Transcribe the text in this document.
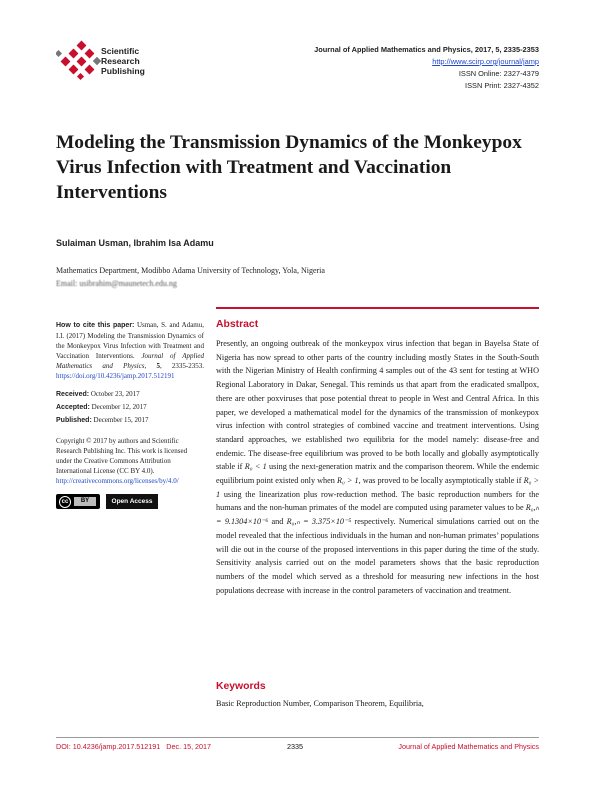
Scientific
Research
Publishing
Journal of Applied Mathematics and Physics, 2017, 5, 2335-2353
http://www.scirp.org/journal/jamp
ISSN Online: 2327-4379
ISSN Print: 2327-4352
Modeling the Transmission Dynamics of the Monkeypox Virus Infection with Treatment and Vaccination Interventions
Sulaiman Usman, Ibrahim Isa Adamu
Mathematics Department, Modibbo Adama University of Technology, Yola, Nigeria
Email: usibrahim@maunetech.edu.ng

How to cite this paper: Usman, S. and Adamu, I.I. (2017) Modeling the Transmission Dynamics of the Monkeypox Virus Infection with Treatment and Vaccination Interventions. Journal of Applied Mathematics and Physics, 5, 2335-2353. https://doi.org/10.4236/jamp.2017.512191

Received: October 23, 2017

Accepted: December 12, 2017

Published: December 15, 2017

Copyright © 2017 by authors and Scientific Research Publishing Inc. This work is licensed under the Creative Commons Attribution International License (CC BY 4.0).
http://creativecommons.org/licenses/by/4.0/

cc	BY	Open Access
Abstract

Presently, an ongoing outbreak of the monkeypox virus infection that began in Bayelsa State of Nigeria has now spread to other parts of the country including mostly States in the South-South with the Nigerian Ministry of Health confirming 4 samples out of the 43 sent for testing at WHO Regional Laboratory in Dakar, Senegal. This reminds us that apart from the eradicated smallpox, there are other poxviruses that pose potential threat to people in West and Central Africa. In this paper, we developed a mathematical model for the dynamics of the transmission of monkeypox virus infection with control strategies of combined vaccine and treatment interventions. Using standard approaches, we established two equilibria for the model namely: disease-free and endemic. The disease-free equilibrium was proved to be both locally and globally asymptotically stable if R₀ < 1 using the next-generation matrix and the comparison theorem. While the endemic equilibrium point existed only when R₀ > 1, was proved to be locally asymptotically stable if R₀ > 1 using the linearization plus row-reduction method. The basic reproduction numbers for the humans and the non-human primates of the model are computed using parameter values to be R₀,ₕ = 9.1304×10⁻⁶ and R₀,ₙ = 3.375×10⁻⁵ respectively. Numerical simulations carried out on the model revealed that the infectious individuals in the human and non-human primates’ populations will die out in the course of the proposed interventions in this paper during the time of the study. Sensitivity analysis carried out on the model parameters shows that the basic reproduction numbers of the model which served as a threshold for measuring new infections in the host populations decrease with increase in the control parameters of vaccination and treatment.

Keywords
Basic Reproduction Number, Comparison Theorem, Equilibria,
DOI: 10.4236/jamp.2017.512191 Dec. 15, 2017	2335	Journal of Applied Mathematics and Physics
